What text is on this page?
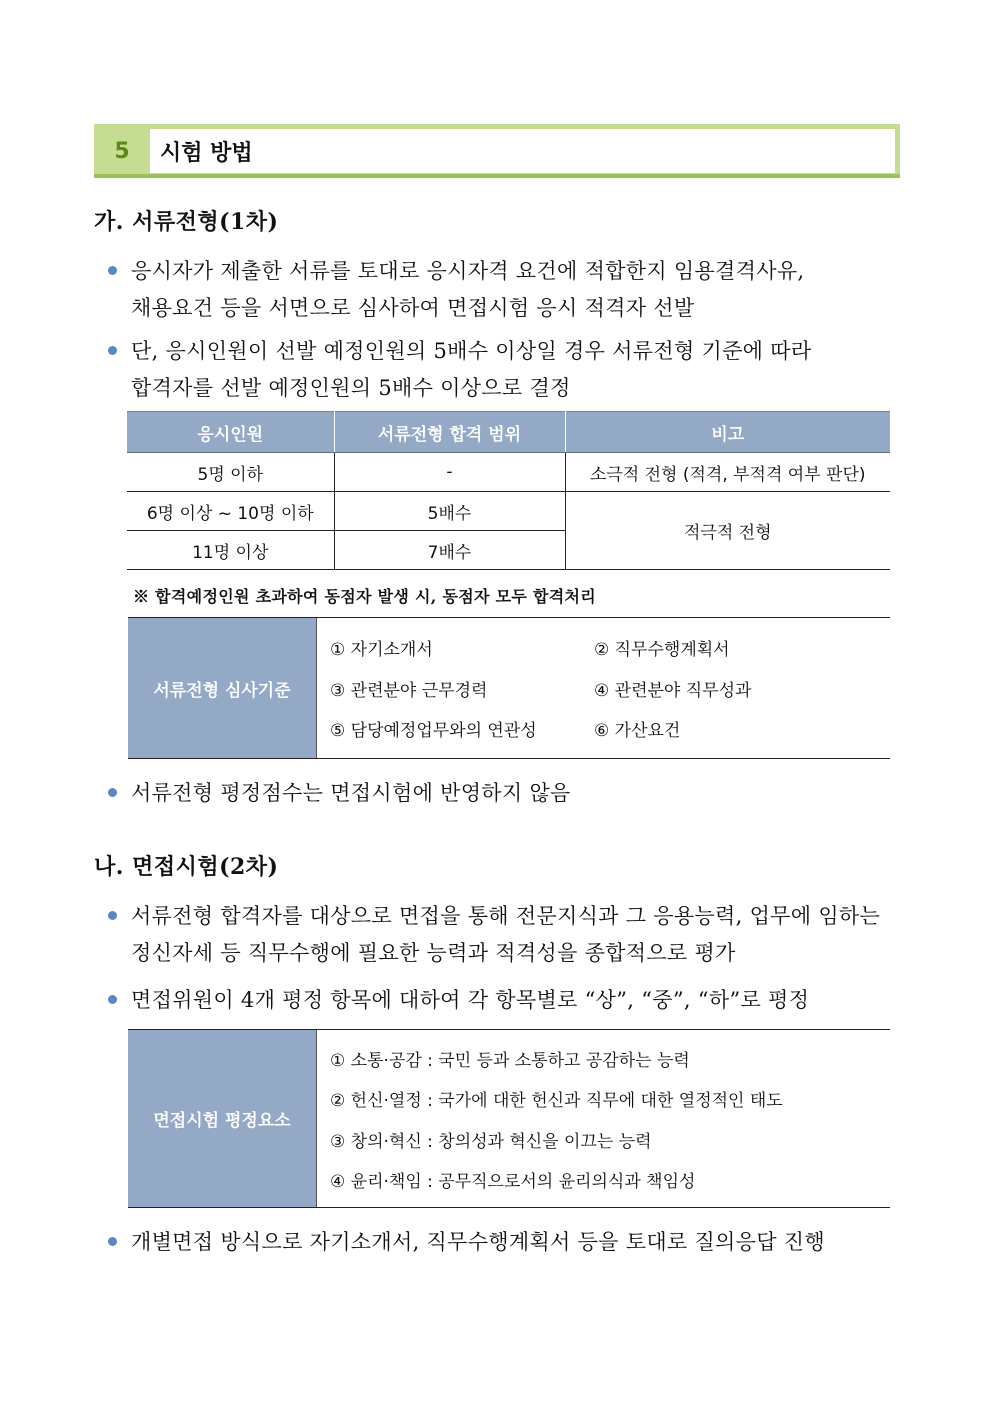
5	시험 방법
가. 서류전형(1차)
응시자가 제출한 서류를 토대로 응시자격 요건에 적합한지 임용결격사유,
채용요건 등을 서면으로 심사하여 면접시험 응시 적격자 선발
단, 응시인원이 선발 예정인원의 5배수 이상일 경우 서류전형 기준에 따라
합격자를 선발 예정인원의 5배수 이상으로 결정
응시인원	서류전형 합격 범위	비고
5명 이하	-	소극적 전형 (적격, 부적격 여부 판단)
6명 이상 ~ 10명 이하	5배수	적극적 전형
11명 이상	7배수	
※ 합격예정인원 초과하여 동점자 발생 시, 동점자 모두 합격처리
서류전형 심사기준
① 자기소개서	② 직무수행계획서
③ 관련분야 근무경력	④ 관련분야 직무성과
⑤ 담당예정업무와의 연관성	⑥ 가산요건
서류전형 평정점수는 면접시험에 반영하지 않음
나. 면접시험(2차)
서류전형 합격자를 대상으로 면접을 통해 전문지식과 그 응용능력, 업무에 임하는
정신자세 등 직무수행에 필요한 능력과 적격성을 종합적으로 평가
면접위원이 4개 평정 항목에 대하여 각 항목별로 “상”, “중”, “하”로 평정
면접시험 평정요소
① 소통·공감 : 국민 등과 소통하고 공감하는 능력
② 헌신·열정 : 국가에 대한 헌신과 직무에 대한 열정적인 태도
③ 창의·혁신 : 창의성과 혁신을 이끄는 능력
④ 윤리·책임 : 공무직으로서의 윤리의식과 책임성
개별면접 방식으로 자기소개서, 직무수행계획서 등을 토대로 질의응답 진행
